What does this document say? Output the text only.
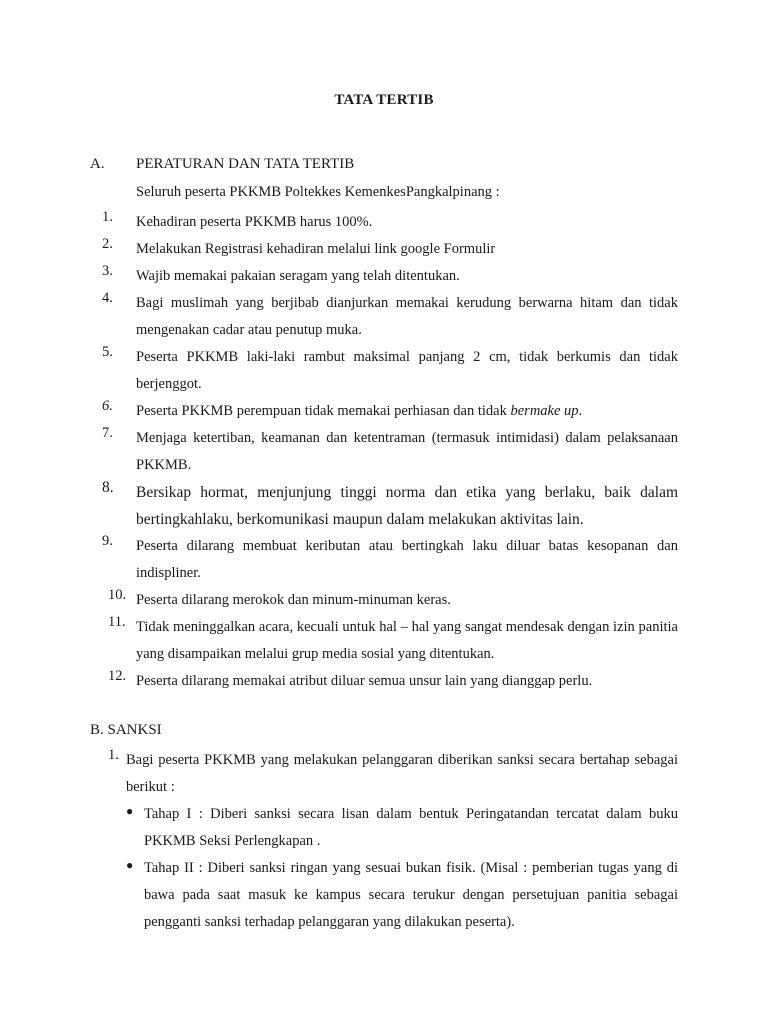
TATA TERTIB
A. PERATURAN DAN TATA TERTIB
Seluruh peserta PKKMB Poltekkes KemenkesPangkalpinang :
1.	Kehadiran peserta PKKMB harus 100%.
2.	Melakukan Registrasi kehadiran melalui link google Formulir
3.	Wajib memakai pakaian seragam yang telah ditentukan.
4.	Bagi muslimah yang berjibab dianjurkan memakai kerudung berwarna hitam dan tidak mengenakan cadar atau penutup muka.
5.	Peserta PKKMB laki-laki rambut maksimal panjang 2 cm, tidak berkumis dan tidak berjenggot.
6.	Peserta PKKMB perempuan tidak memakai perhiasan dan tidak bermake up.
7.	Menjaga ketertiban, keamanan dan ketentraman (termasuk intimidasi) dalam pelaksanaan PKKMB.
8.	Bersikap hormat, menjunjung tinggi norma dan etika yang berlaku, baik dalam bertingkahlaku, berkomunikasi maupun dalam melakukan aktivitas lain.
9.	Peserta dilarang membuat keributan atau bertingkah laku diluar batas kesopanan dan indispliner.
10. Peserta dilarang merokok dan minum-minuman keras.
11. Tidak meninggalkan acara, kecuali untuk hal – hal yang sangat mendesak dengan izin panitia yang disampaikan melalui grup media sosial yang ditentukan.
12. Peserta dilarang memakai atribut diluar semua unsur lain yang dianggap perlu.
B. SANKSI
1. Bagi peserta PKKMB yang melakukan pelanggaran diberikan sanksi secara bertahap sebagai berikut :
● Tahap I : Diberi sanksi secara lisan dalam bentuk Peringatandan tercatat dalam buku PKKMB Seksi Perlengkapan .
● Tahap II : Diberi sanksi ringan yang sesuai bukan fisik. (Misal : pemberian tugas yang di bawa pada saat masuk ke kampus secara terukur dengan persetujuan panitia sebagai pengganti sanksi terhadap pelanggaran yang dilakukan peserta).
